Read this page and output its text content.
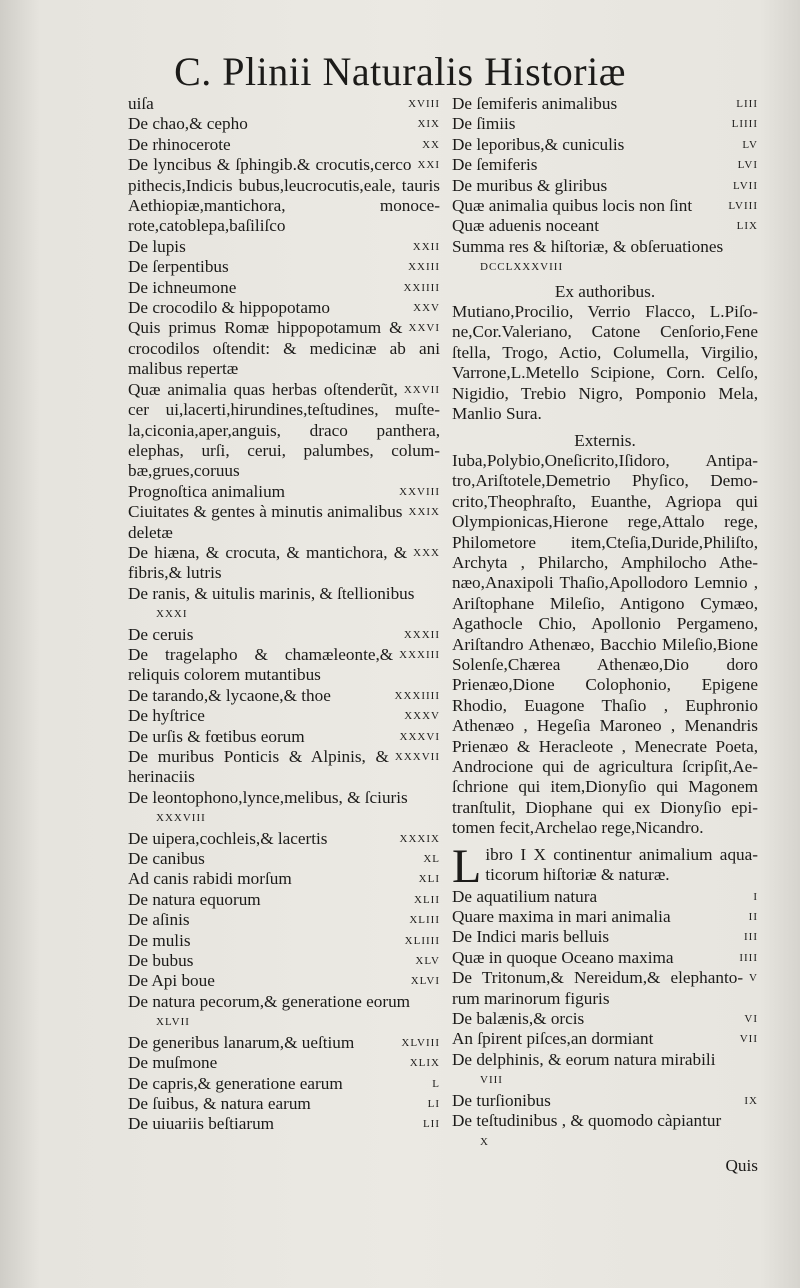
C. Plinii Naturalis Historiæ
XVIII
uiſa
XIX
De chao,& cepho
XX
De rhinocerote
XXI
De lyncibus & ſphingib.& crocutis,cerco pithecis,Indicis bubus,leucrocutis,eale, tauris Aethiopiæ,mantichora, monocerote,catoblepa,baſiliſco
XXII
De lupis
XXIII
De ſerpentibus
XXIIII
De ichneumone
XXV
De crocodilo & hippopotamo
XXVI
Quis primus Romæ hippopotamum & crocodilos oſtendit: & medicinæ ab ani malibus repertæ
XXVII
Quæ animalia quas herbas oſtenderũt, cer ui,lacerti,hirundines,teſtudines, muſtela,ciconia,aper,anguis, draco panthera, elephas, urſi, cerui, palumbes, columbæ,grues,coruus
XXVIII
Prognoſtica animalium
XXIX
Ciuitates & gentes à minutis animalibus deletæ
XXX
De hiæna, & crocuta, & mantichora, & fibris,& lutris
De ranis, & uitulis marinis, & ſtellionibus
XXXI
XXXII
De ceruis
XXXIII
De tragelapho & chamæleonte,& reliquis colorem mutantibus
XXXIIII
De tarando,& lycaone,& thoe
XXXV
De hyſtrice
XXXVI
De urſis & fœtibus eorum
XXXVII
De muribus Ponticis & Alpinis, & herinaciis
De leontophono,lynce,melibus, & ſciuris
XXXVIII
XXXIX
De uipera,cochleis,& lacertis
XL
De canibus
XLI
Ad canis rabidi morſum
XLII
De natura equorum
XLIII
De aſinis
XLIIII
De mulis
XLV
De bubus
XLVI
De Api boue
De natura pecorum,& generatione eorum
XLVII
XLVIII
De generibus lanarum,& ueſtium
XLIX
De muſmone
L
De capris,& generatione earum
LI
De ſuibus, & natura earum
LII
De uiuariis beſtiarum
LIII
De ſemiferis animalibus
LIIII
De ſimiis
LV
De leporibus,& cuniculis
LVI
De ſemiferis
LVII
De muribus & gliribus
LVIII
Quæ animalia quibus locis non ſint
LIX
Quæ aduenis noceant
Summa res & hiſtoriæ, & obſeruationes
DCCLXXXVIII
Ex authoribus.
Mutiano,Procilio, Verrio Flacco, L.Piſone,Cor.Valeriano, Catone Cenſorio,Fene ſtella, Trogo, Actio, Columella, Virgilio, Varrone,L.Metello Scipione, Corn. Celſo, Nigidio, Trebio Nigro, Pomponio Mela, Manlio Sura.
Externis.
Iuba,Polybio,Oneſicrito,Iſidoro, Antipatro,Ariſtotele,Demetrio Phyſico, Democrito,Theophraſto, Euanthe, Agriopa qui Olympionicas,Hierone rege,Attalo rege, Philometore item,Cteſia,Duride,Philiſto, Archyta , Philarcho, Amphilocho Athenæo,Anaxipoli Thaſio,Apollodoro Lemnio , Ariſtophane Mileſio, Antigono Cymæo, Agathocle Chio, Apollonio Pergameno, Ariſtandro Athenæo, Bacchio Mileſio,Bione Solenſe,Chærea Athenæo,Dio doro Prienæo,Dione Colophonio, Epigene Rhodio, Euagone Thaſio , Euphronio Athenæo , Hegeſia Maroneo , Menandris Prienæo & Heracleote , Menecrate Poeta, Androcione qui de agricultura ſcripſit,Aeſchrione qui item,Dionyſio qui Magonem tranſtulit, Diophane qui ex Dionyſio epitomen fecit,Archelao rege,Nicandro.
L ibro I X continentur animalium aquaticorum hiſtoriæ & naturæ.
I
De aquatilium natura
II
Quare maxima in mari animalia
III
De Indici maris belluis
IIII
Quæ in quoque Oceano maxima
V
De Tritonum,& Nereidum,& elephantorum marinorum figuris
VI
De balænis,& orcis
VII
An ſpirent piſces,an dormiant
De delphinis, & eorum natura mirabili
VIII
IX
De turſionibus
De teſtudinibus , & quomodo càpiantur
X
Quis
